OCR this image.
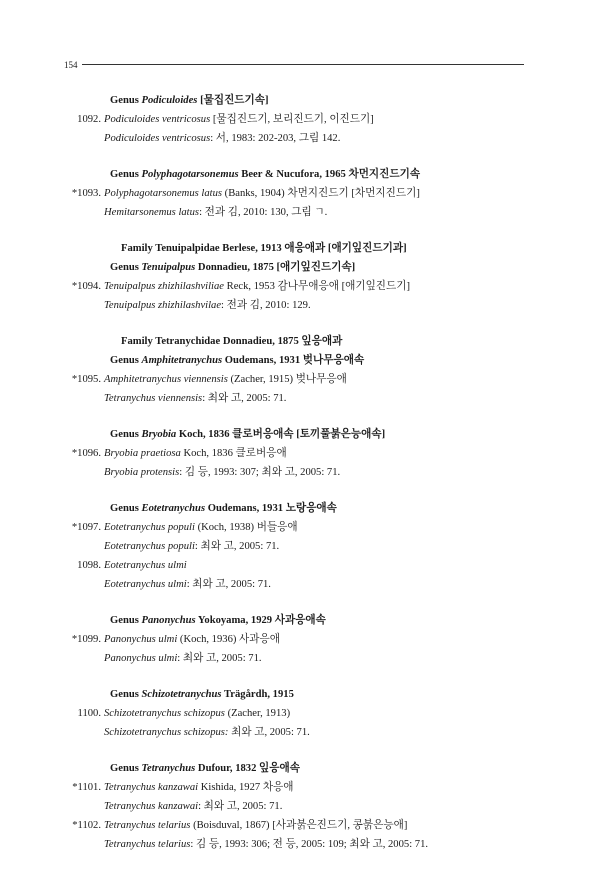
154
Genus Podiculoides [물집진드기속]
1092. Podiculoides ventricosus [물집진드기, 보리진드기, 이진드기]
Podiculoides ventricosus: 서, 1983: 202-203, 그림 142.
Genus Polyphagotarsonemus Beer & Nucufora, 1965 차먼지진드기속
*1093. Polyphagotarsonemus latus (Banks, 1904) 차먼지진드기 [차먼지진드기]
Hemitarsonemus latus: 전과 김, 2010: 130, 그림 ㄱ.
Family Tenuipalpidae Berlese, 1913 애응애과 [애기잎진드기과]
Genus Tenuipalpus Donnadieu, 1875 [애기잎진드기속]
*1094. Tenuipalpus zhizhilashviliae Reck, 1953 감나무애응애 [애기잎진드기]
Tenuipalpus zhizhilashvilae: 전과 김, 2010: 129.
Family Tetranychidae Donnadieu, 1875 잎응애과
Genus Amphitetranychus Oudemans, 1931 벚나무응애속
*1095. Amphitetranychus viennensis (Zacher, 1915) 벚나무응애
Tetranychus viennensis: 최와 고, 2005: 71.
Genus Bryobia Koch, 1836 클로버응애속 [토끼풀붉은능애속]
*1096. Bryobia praetiosa Koch, 1836 클로버응애
Bryobia protensis: 김 등, 1993: 307; 최와 고, 2005: 71.
Genus Eotetranychus Oudemans, 1931 노랑응애속
*1097. Eotetranychus populi (Koch, 1938) 버들응애
Eotetranychus populi: 최와 고, 2005: 71.
1098. Eotetranychus ulmi
Eotetranychus ulmi: 최와 고, 2005: 71.
Genus Panonychus Yokoyama, 1929 사과응애속
*1099. Panonychus ulmi (Koch, 1936) 사과응애
Panonychus ulmi: 최와 고, 2005: 71.
Genus Schizotetranychus Trägårdh, 1915
1100. Schizotetranychus schizopus (Zacher, 1913)
Schizotetranychus schizopus: 최와 고, 2005: 71.
Genus Tetranychus Dufour, 1832 잎응애속
*1101. Tetranychus kanzawai Kishida, 1927 차응애
Tetranychus kanzawai: 최와 고, 2005: 71.
*1102. Tetranychus telarius (Boisduval, 1867) [사과붉은진드기, 콩붉은능애]
Tetranychus telarius: 김 등, 1993: 306; 전 등, 2005: 109; 최와 고, 2005: 71.
